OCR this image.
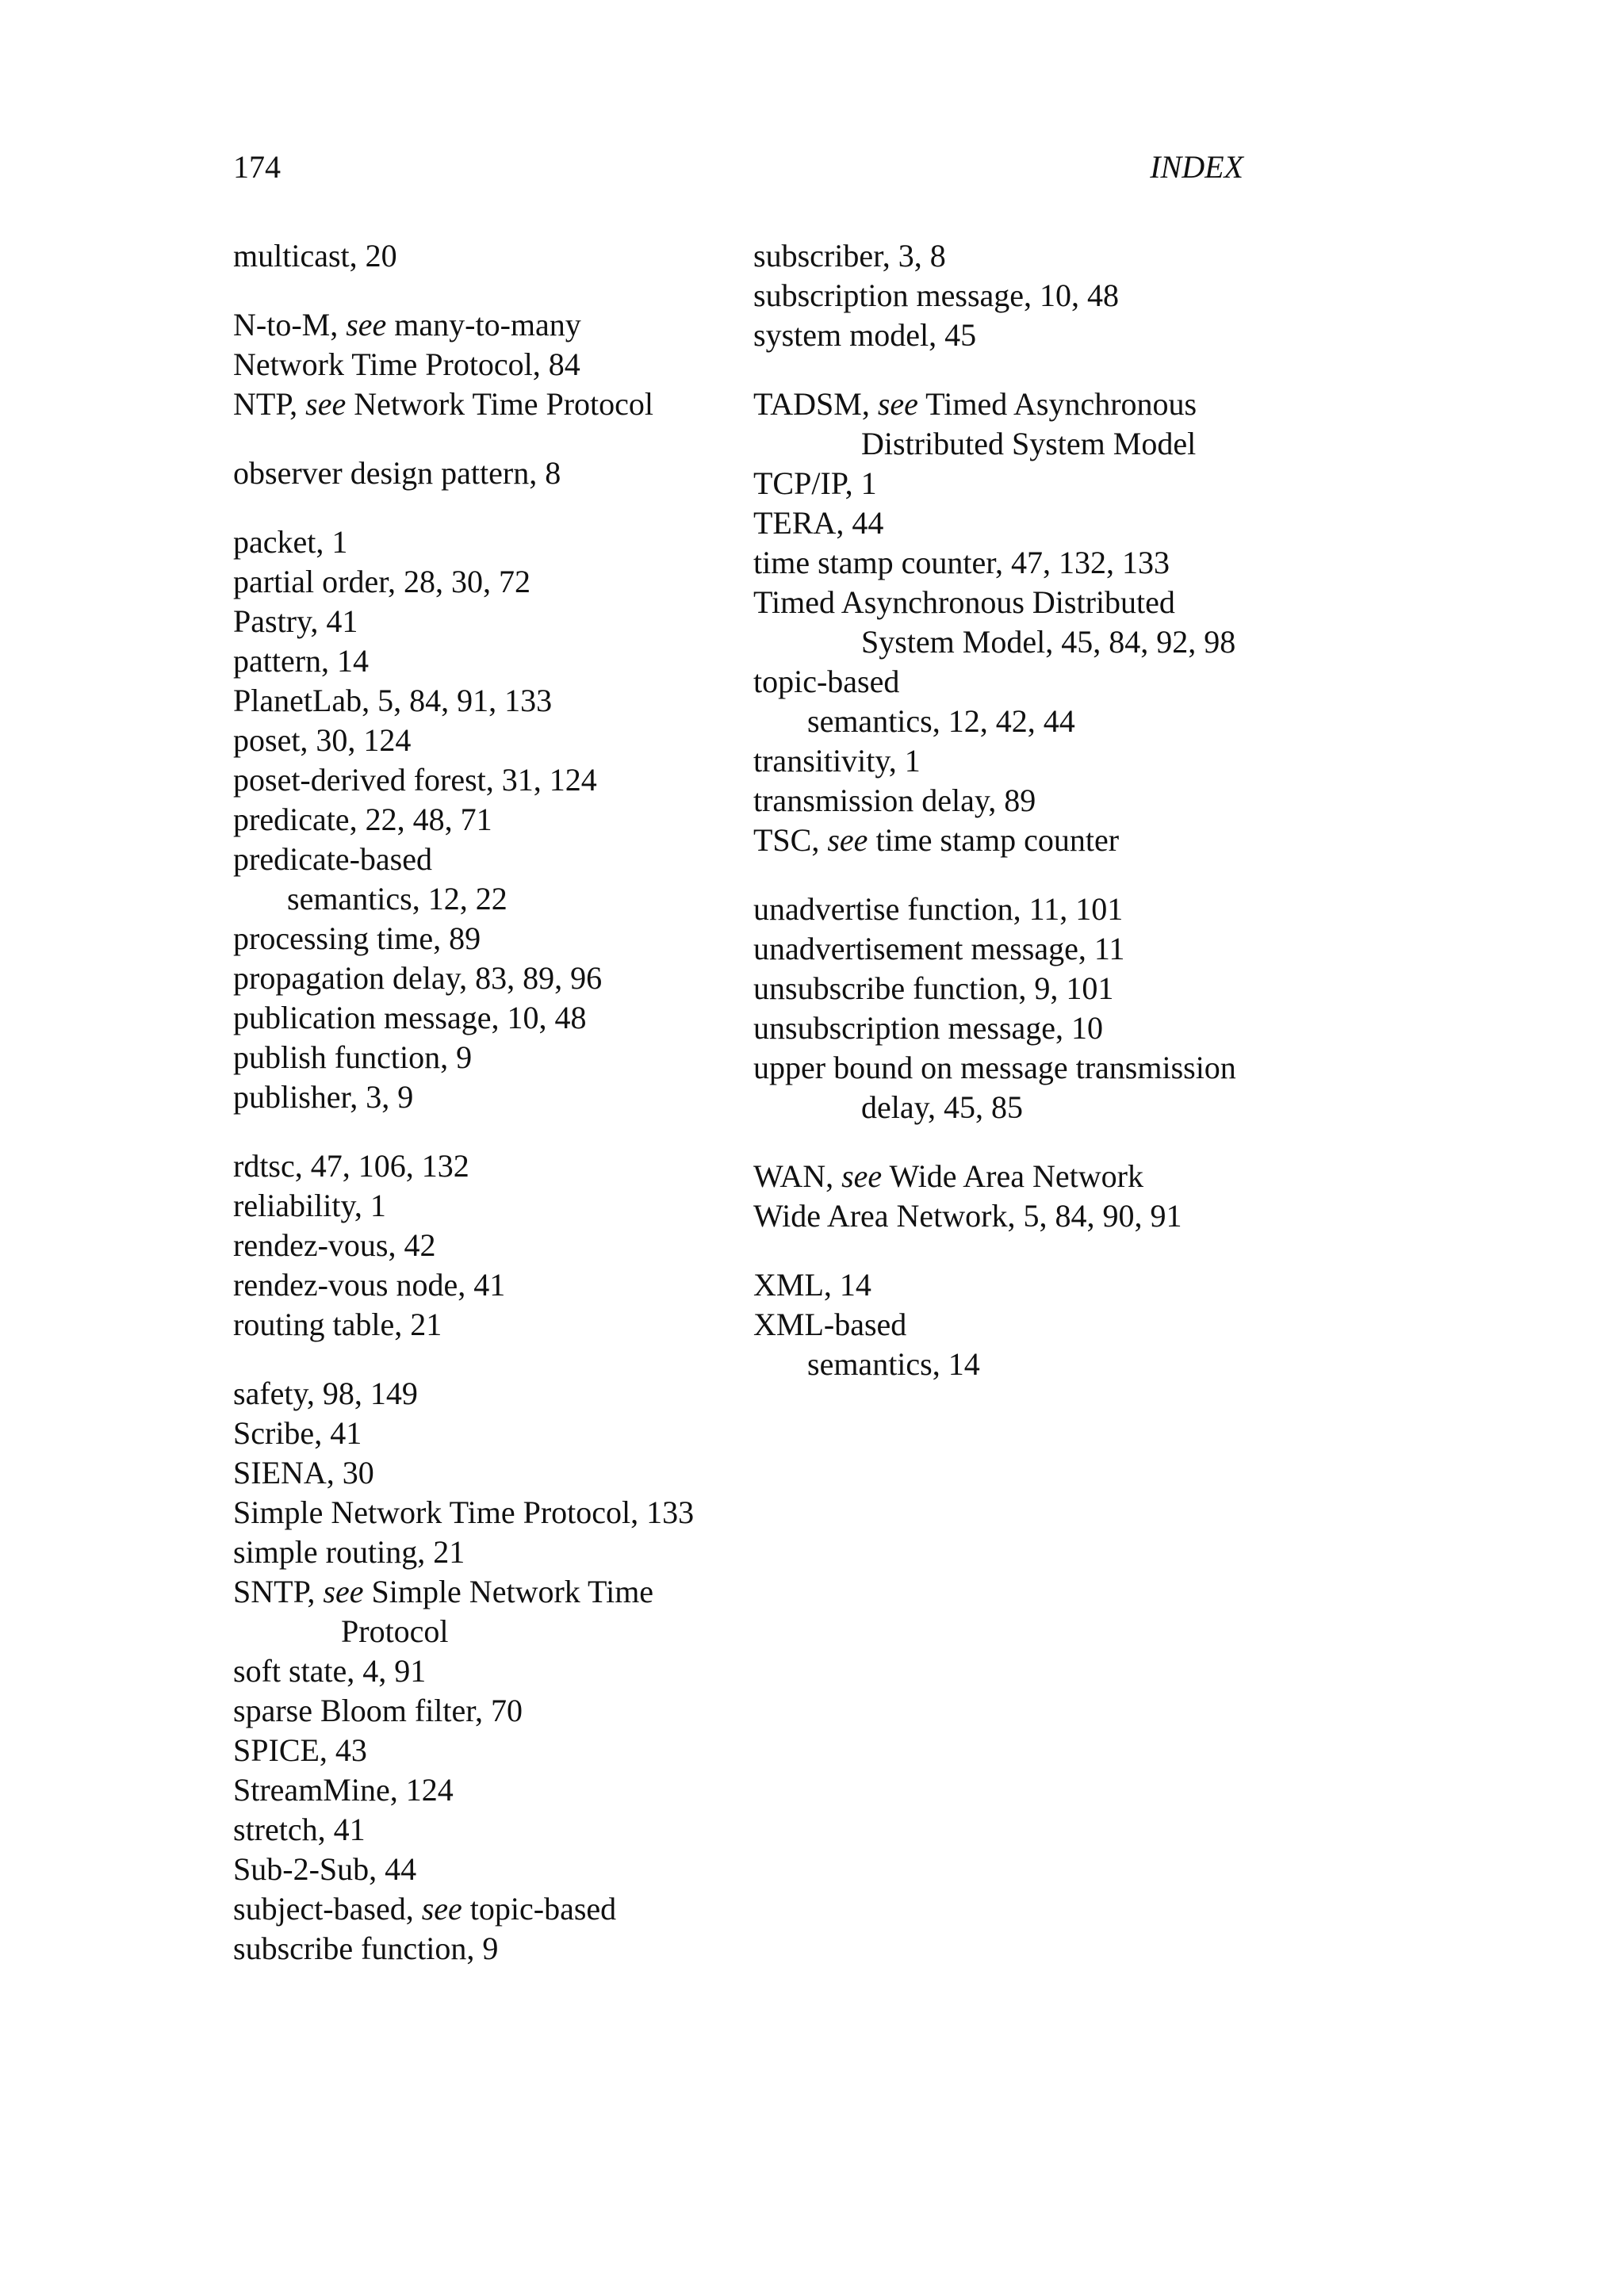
174	INDEX

multicast, 20

N-to-M, see many-to-many

Network Time Protocol, 84

NTP, see Network Time Protocol

observer design pattern, 8

packet, 1

partial order, 28, 30, 72

Pastry, 41

pattern, 14

PlanetLab, 5, 84, 91, 133

poset, 30, 124

poset-derived forest, 31, 124

predicate, 22, 48, 71

predicate-based

semantics, 12, 22

processing time, 89

propagation delay, 83, 89, 96

publication message, 10, 48

publish function, 9

publisher, 3, 9

rdtsc, 47, 106, 132

reliability, 1

rendez-vous, 42

rendez-vous node, 41

routing table, 21

safety, 98, 149

Scribe, 41

SIENA, 30

Simple Network Time Protocol, 133

simple routing, 21

SNTP, see Simple Network Time Protocol

soft state, 4, 91

sparse Bloom filter, 70

SPICE, 43

StreamMine, 124

stretch, 41

Sub-2-Sub, 44

subject-based, see topic-based

subscribe function, 9

subscriber, 3, 8

subscription message, 10, 48

system model, 45

TADSM, see Timed Asynchronous Distributed System Model

TCP/IP, 1

TERA, 44

time stamp counter, 47, 132, 133

Timed Asynchronous Distributed System Model, 45, 84, 92, 98

topic-based

semantics, 12, 42, 44

transitivity, 1

transmission delay, 89

TSC, see time stamp counter

unadvertise function, 11, 101

unadvertisement message, 11

unsubscribe function, 9, 101

unsubscription message, 10

upper bound on message transmission delay, 45, 85

WAN, see Wide Area Network

Wide Area Network, 5, 84, 90, 91

XML, 14

XML-based

semantics, 14
